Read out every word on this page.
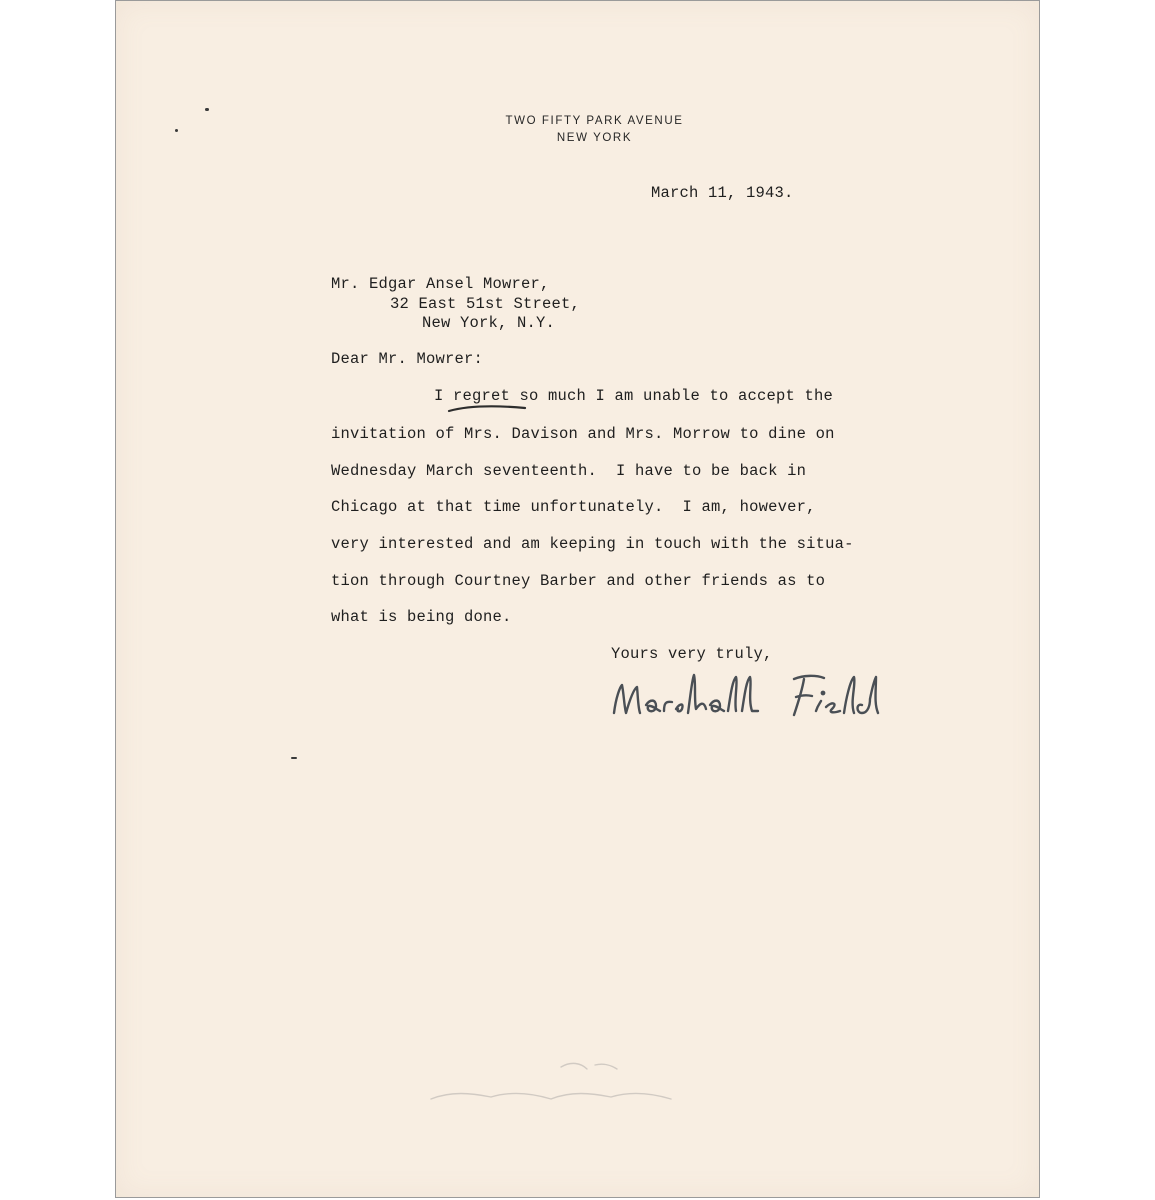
TWO FIFTY PARK AVENUE
NEW YORK
March 11, 1943.
Mr. Edgar Ansel Mowrer,
32 East 51st Street,
New York, N.Y.
Dear Mr. Mowrer:
I regret so much I am unable to accept the
invitation of Mrs. Davison and Mrs. Morrow to dine on
Wednesday March seventeenth.  I have to be back in
Chicago at that time unfortunately.  I am, however,
very interested and am keeping in touch with the situa-
tion through Courtney Barber and other friends as to
what is being done.
Yours very truly,
